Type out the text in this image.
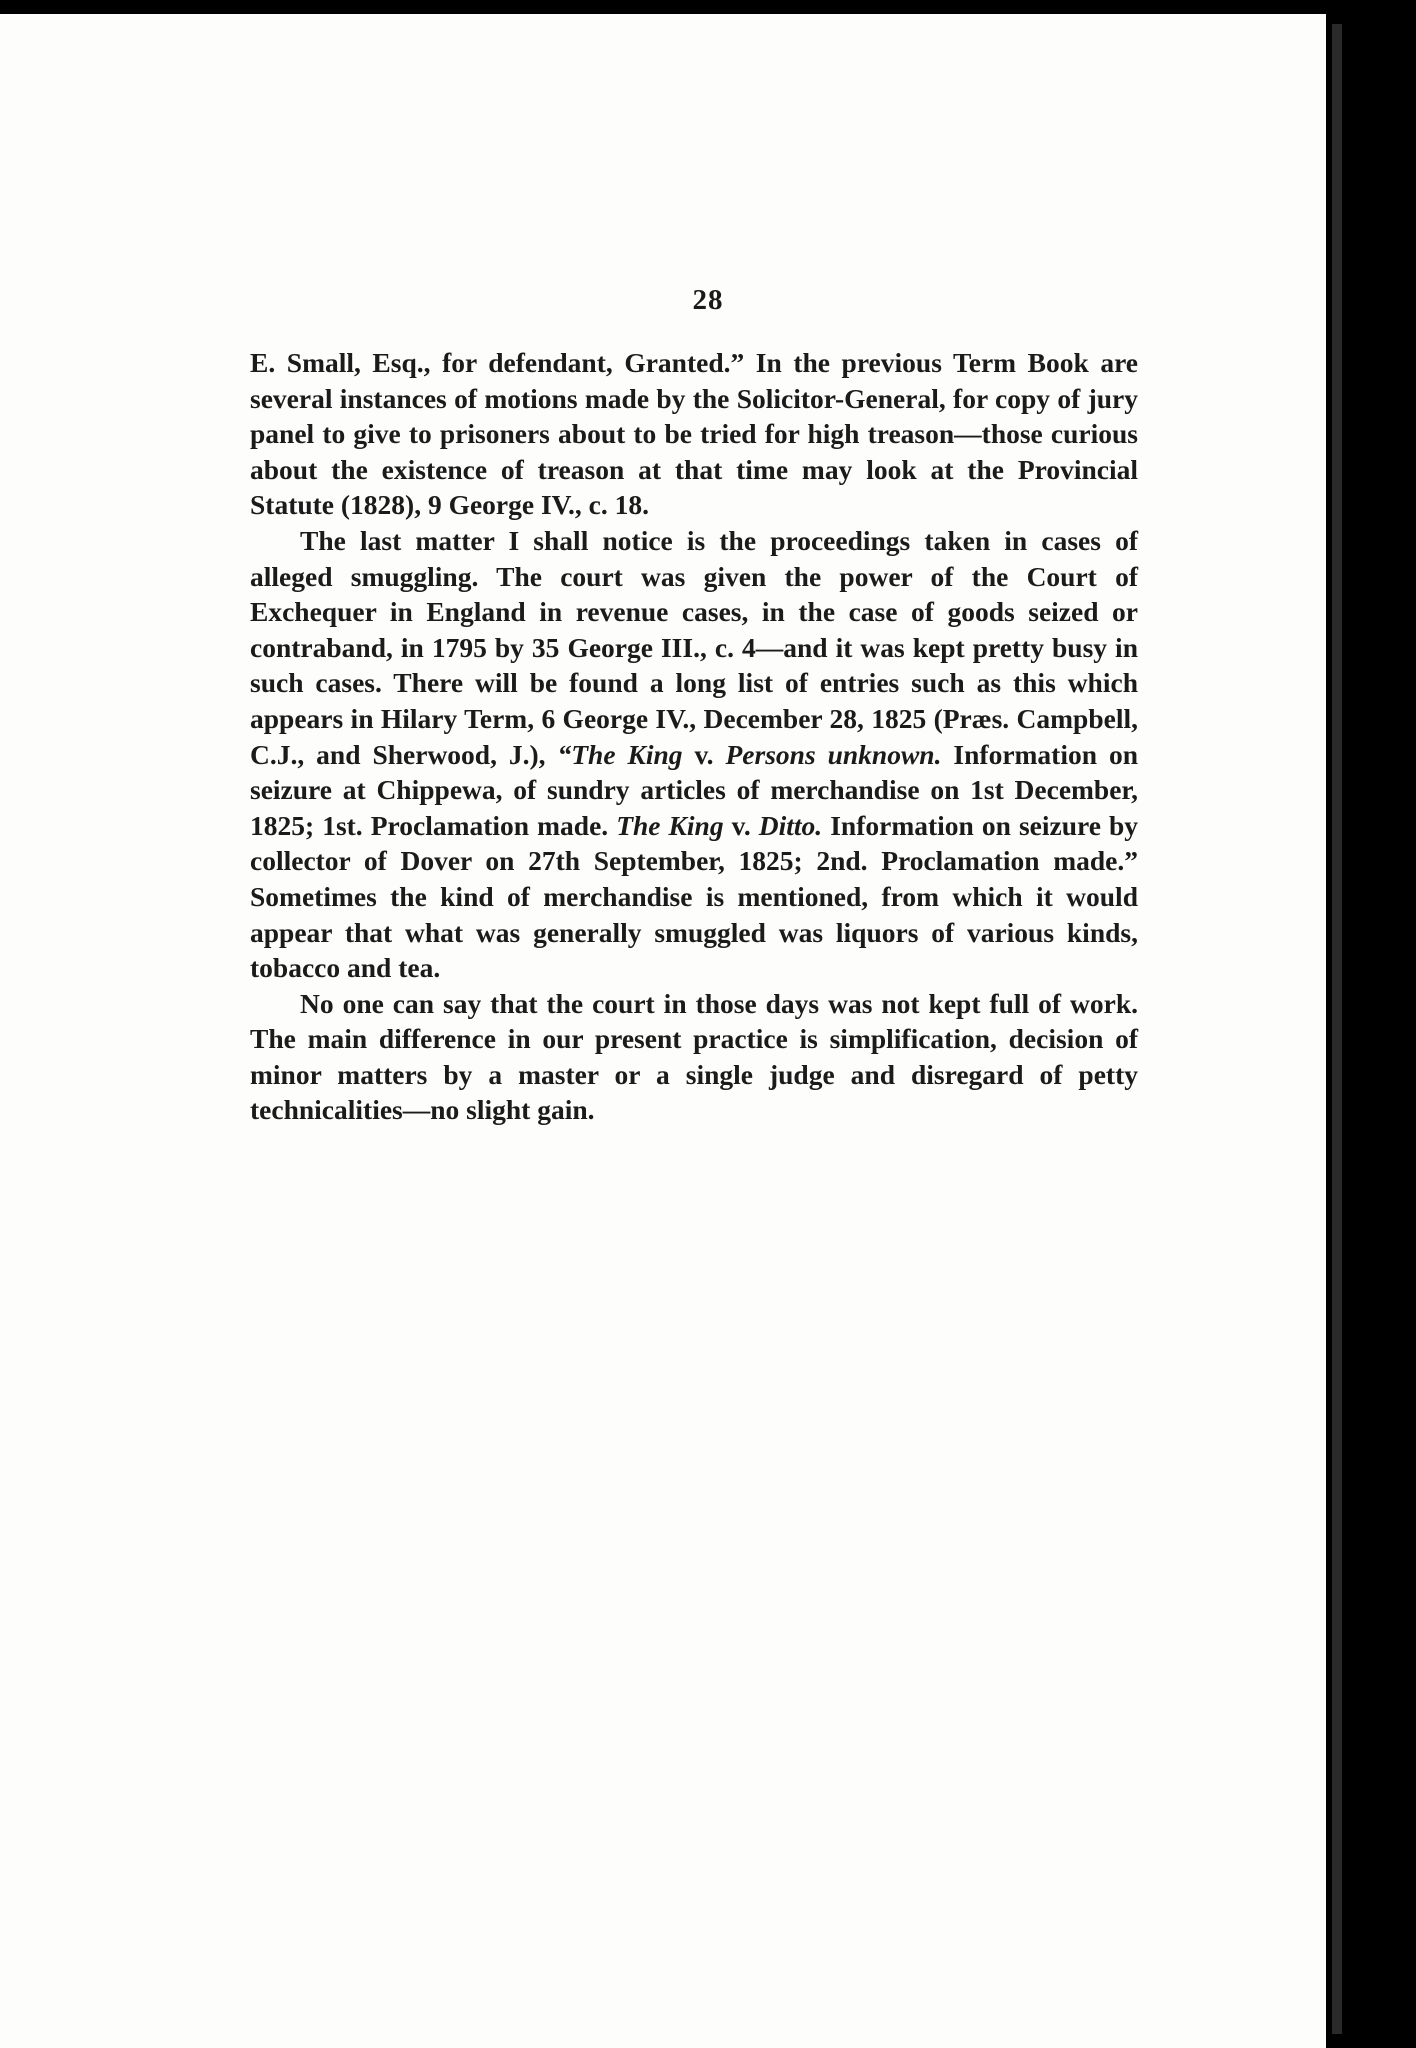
28

E. Small, Esq., for defendant, Granted.” In the previous Term Book are several instances of motions made by the Solicitor-General, for copy of jury panel to give to prisoners about to be tried for high treason—those curious about the existence of treason at that time may look at the Provincial Statute (1828), 9 George IV., c. 18.

The last matter I shall notice is the proceedings taken in cases of alleged smuggling. The court was given the power of the Court of Exchequer in England in revenue cases, in the case of goods seized or contraband, in 1795 by 35 George III., c. 4—and it was kept pretty busy in such cases. There will be found a long list of entries such as this which appears in Hilary Term, 6 George IV., December 28, 1825 (Præs. Campbell, C.J., and Sherwood, J.), “The King v. Persons unknown. Information on seizure at Chippewa, of sundry articles of merchandise on 1st December, 1825; 1st. Proclamation made. The King v. Ditto. Information on seizure by collector of Dover on 27th September, 1825; 2nd. Proclamation made.” Sometimes the kind of merchandise is mentioned, from which it would appear that what was generally smuggled was liquors of various kinds, tobacco and tea.

No one can say that the court in those days was not kept full of work. The main difference in our present practice is simplification, decision of minor matters by a master or a single judge and disregard of petty technicalities—no slight gain.
